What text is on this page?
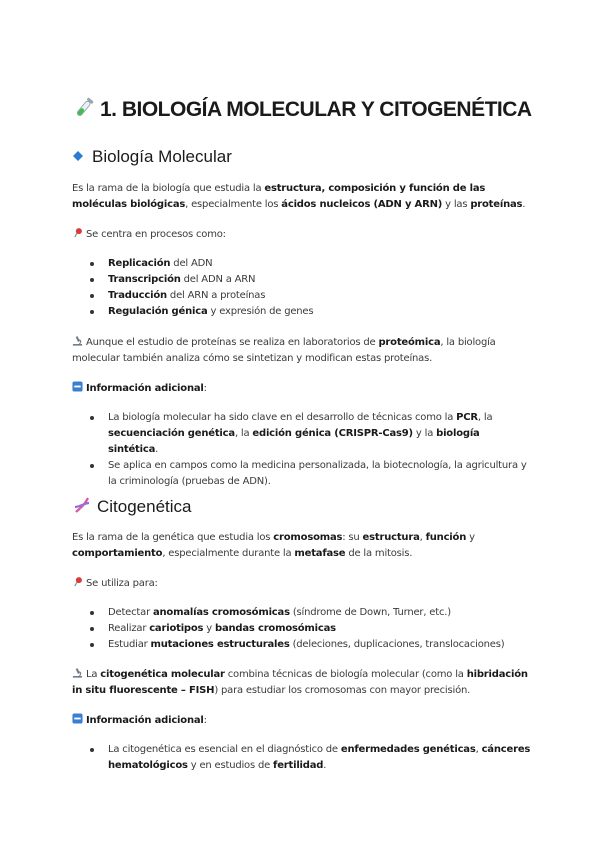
1. BIOLOGÍA MOLECULAR Y CITOGENÉTICA
Biología Molecular

Es la rama de la biología que estudia la estructura, composición y función de las moléculas biológicas, especialmente los ácidos nucleicos (ADN y ARN) y las proteínas.

Se centra en procesos como:

Replicación del ADN
Transcripción del ADN a ARN
Traducción del ARN a proteínas
Regulación génica y expresión de genes

Aunque el estudio de proteínas se realiza en laboratorios de proteómica, la biología molecular también analiza cómo se sintetizan y modifican estas proteínas.

Información adicional:

La biología molecular ha sido clave en el desarrollo de técnicas como la PCR, la secuenciación genética, la edición génica (CRISPR-Cas9) y la biología sintética.
Se aplica en campos como la medicina personalizada, la biotecnología, la agricultura y la criminología (pruebas de ADN).
Citogenética

Es la rama de la genética que estudia los cromosomas: su estructura, función y comportamiento, especialmente durante la metafase de la mitosis.

Se utiliza para:

Detectar anomalías cromosómicas (síndrome de Down, Turner, etc.)
Realizar cariotipos y bandas cromosómicas
Estudiar mutaciones estructurales (deleciones, duplicaciones, translocaciones)

La citogenética molecular combina técnicas de biología molecular (como la hibridación in situ fluorescente – FISH) para estudiar los cromosomas con mayor precisión.

Información adicional:

La citogenética es esencial en el diagnóstico de enfermedades genéticas, cánceres hematológicos y en estudios de fertilidad.
